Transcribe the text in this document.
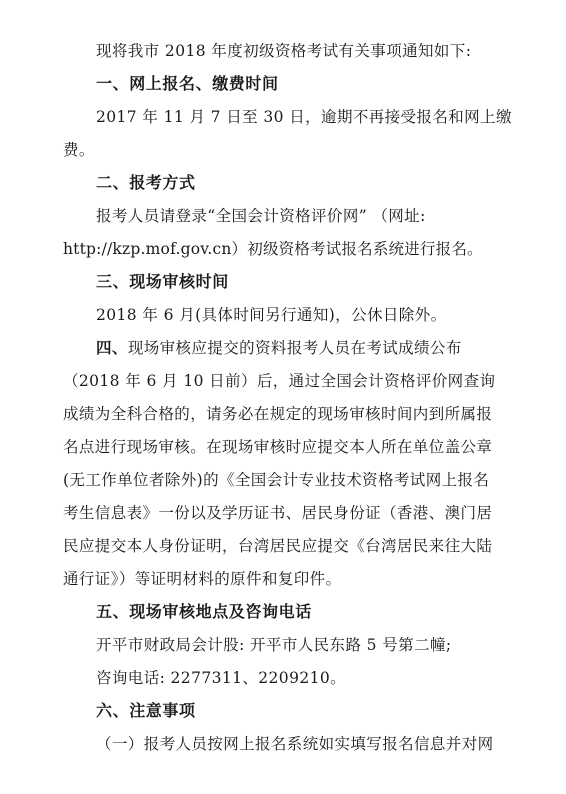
现将我市 2018 年度初级资格考试有关事项通知如下:
一、网上报名、缴费时间
2017 年 11 月 7 日至 30 日，逾期不再接受报名和网上缴
费。
二、报考方式
报考人员请登录“全国会计资格评价网” （网址:
http://kzp.mof.gov.cn）初级资格考试报名系统进行报名。
三、现场审核时间
2018 年 6 月(具体时间另行通知)，公休日除外。
四、现场审核应提交的资料报考人员在考试成绩公布
（2018 年 6 月 10 日前）后，通过全国会计资格评价网查询
成绩为全科合格的，请务必在规定的现场审核时间内到所属报
名点进行现场审核。在现场审核时应提交本人所在单位盖公章
(无工作单位者除外)的《全国会计专业技术资格考试网上报名
考生信息表》一份以及学历证书、居民身份证（香港、澳门居
民应提交本人身份证明，台湾居民应提交《台湾居民来往大陆
通行证》）等证明材料的原件和复印件。
五、现场审核地点及咨询电话
开平市财政局会计股: 开平市人民东路 5 号第二幢;
咨询电话: 2277311、2209210。
六、注意事项
（一）报考人员按网上报名系统如实填写报名信息并对网
